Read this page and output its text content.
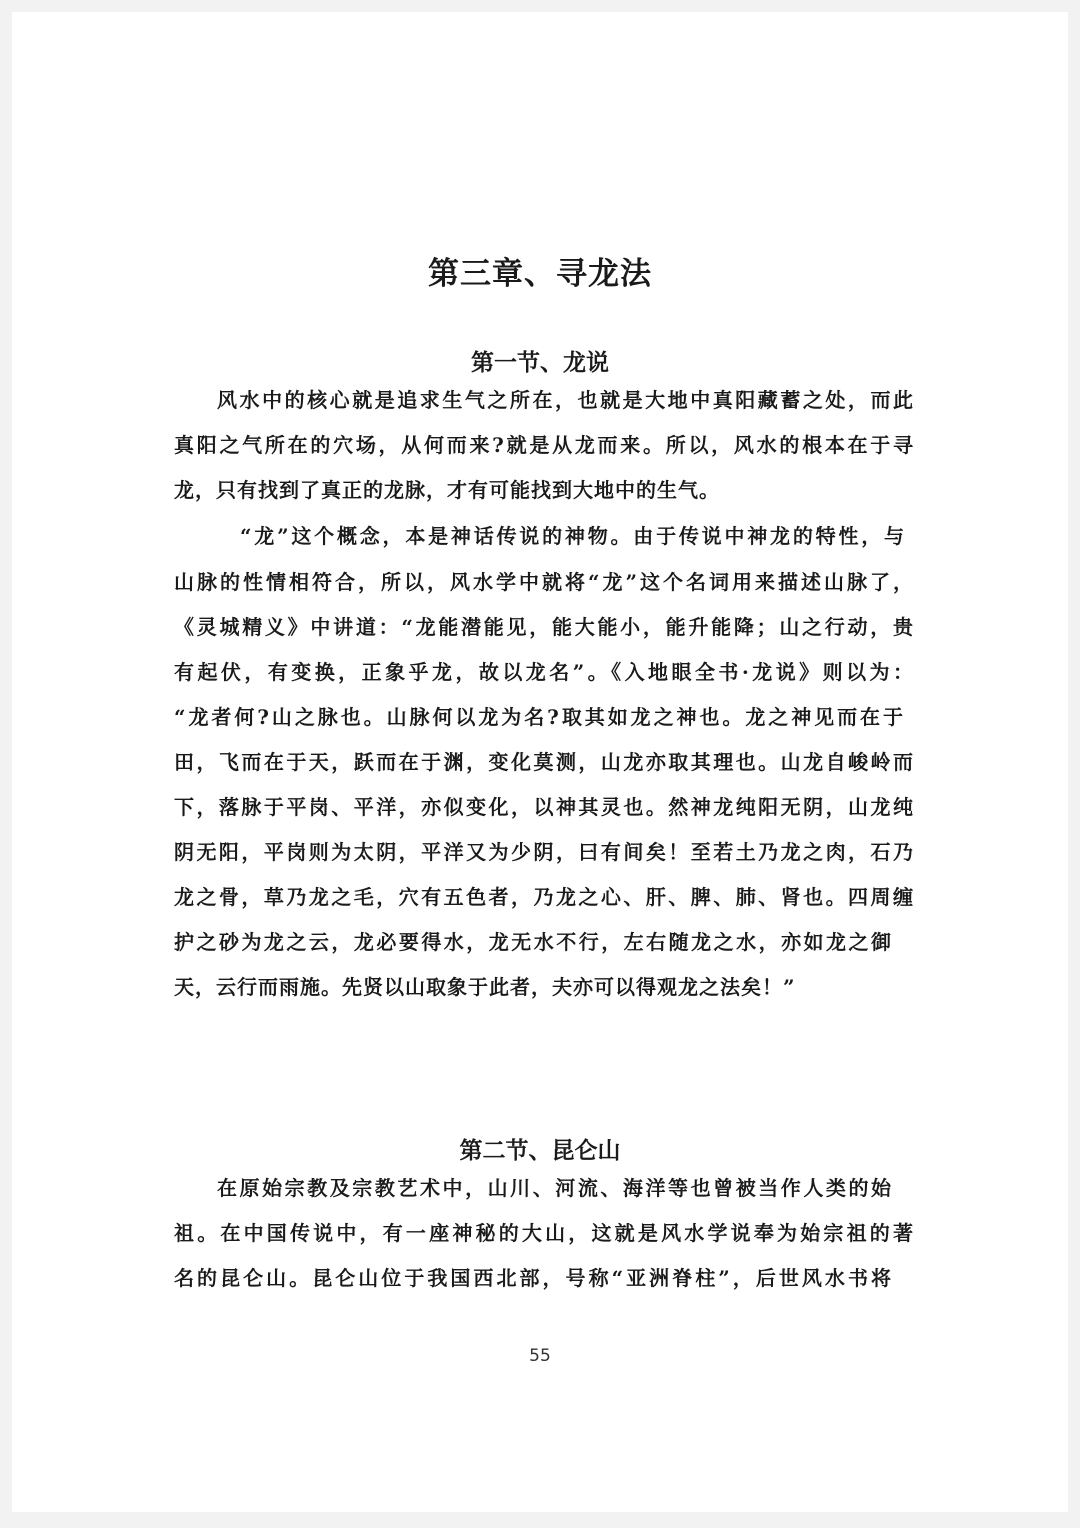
第三章、寻龙法
第一节、龙说

风水中的核心就是追求生气之所在，也就是大地中真阳藏蓄之处，而此

真阳之气所在的穴场，从何而来?就是从龙而来。所以，风水的根本在于寻

龙，只有找到了真正的龙脉，才有可能找到大地中的生气。

“龙”这个概念，本是神话传说的神物。由于传说中神龙的特性，与

山脉的性情相符合，所以，风水学中就将“龙”这个名词用来描述山脉了，

《灵城精义》中讲道：“龙能潜能见，能大能小，能升能降；山之行动，贵

有起伏，有变换，正象乎龙，故以龙名”。《入地眼全书·龙说》则以为：

“龙者何?山之脉也。山脉何以龙为名?取其如龙之神也。龙之神见而在于

田，飞而在于天，跃而在于渊，变化莫测，山龙亦取其理也。山龙自峻岭而

下，落脉于平岗、平洋，亦似变化，以神其灵也。然神龙纯阳无阴，山龙纯

阴无阳，平岗则为太阴，平洋又为少阴，曰有间矣！至若土乃龙之肉，石乃

龙之骨，草乃龙之毛，穴有五色者，乃龙之心、肝、脾、肺、肾也。四周缠

护之砂为龙之云，龙必要得水，龙无水不行，左右随龙之水，亦如龙之御

天，云行而雨施。先贤以山取象于此者，夫亦可以得观龙之法矣！”

第二节、昆仑山

在原始宗教及宗教艺术中，山川、河流、海洋等也曾被当作人类的始

祖。在中国传说中，有一座神秘的大山，这就是风水学说奉为始宗祖的著

名的昆仑山。昆仑山位于我国西北部，号称“亚洲脊柱”，后世风水书将

55
